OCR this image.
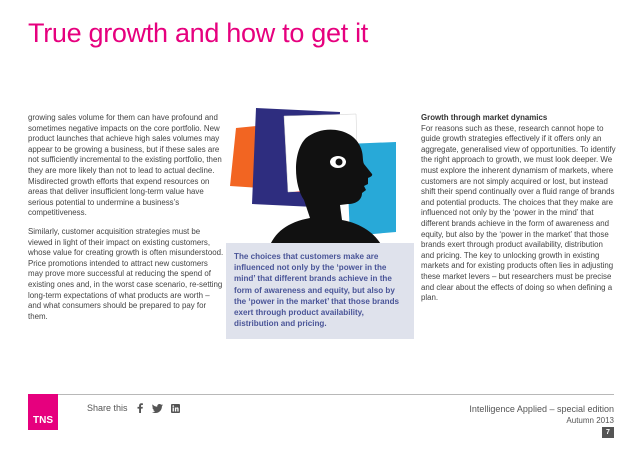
True growth and how to get it

growing sales volume for them can have profound and sometimes negative impacts on the core portfolio. New product launches that achieve high sales volumes may appear to be growing a business, but if these sales are not sufficiently incremental to the existing portfolio, then they are more likely than not to lead to actual decline. Misdirected growth efforts that expend resources on areas that deliver insufficient long-term value have serious potential to undermine a business’s competitiveness.

Similarly, customer acquisition strategies must be viewed in light of their impact on existing customers, whose value for creating growth is often misunderstood. Price promotions intended to attract new customers may prove more successful at reducing the spend of existing ones and, in the worst case scenario, re-setting long-term expectations of what products are worth – and what consumers should be prepared to pay for them.

The choices that customers make are influenced not only by the ‘power in the mind’ that different brands achieve in the form of awareness and equity, but also by the ‘power in the market’ that those brands exert through product availability, distribution and pricing.

Growth through market dynamics

For reasons such as these, research cannot hope to guide growth strategies effectively if it offers only an aggregate, generalised view of opportunities. To identify the right approach to growth, we must look deeper. We must explore the inherent dynamism of markets, where customers are not simply acquired or lost, but instead shift their spend continually over a fluid range of brands and potential products. The choices that they make are influenced not only by the ‘power in the mind’ that different brands achieve in the form of awareness and equity, but also by the ‘power in the market’ that those brands exert through product availability, distribution and pricing. The key to unlocking growth in existing markets and for existing products often lies in adjusting these market levers – but researchers must be precise and clear about the effects of doing so when defining a plan.

TNS
Share this	Intelligence Applied – special edition
Autumn 2013
7
